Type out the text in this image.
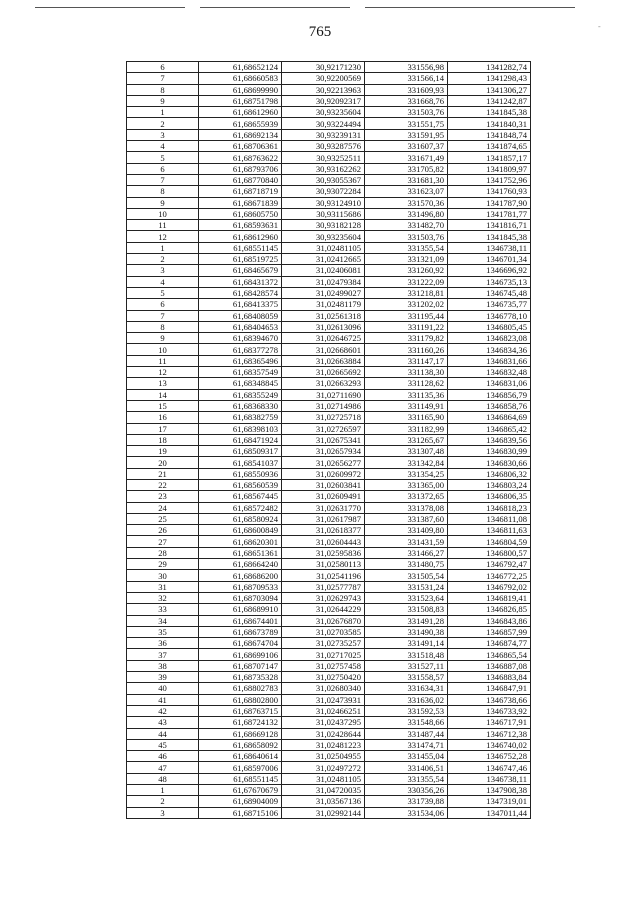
765	-
6	61,68652124	30,92171230	331556,98	1341282,74
7	61,68660583	30,92200569	331566,14	1341298,43
8	61,68699990	30,92213963	331609,93	1341306,27
9	61,68751798	30,92092317	331668,76	1341242,87
1	61,68612960	30,93235604	331503,76	1341845,38
2	61,68655939	30,93224494	331551,75	1341840,31
3	61,68692134	30,93239131	331591,95	1341848,74
4	61,68706361	30,93287576	331607,37	1341874,65
5	61,68763622	30,93252511	331671,49	1341857,17
6	61,68793706	30,93162262	331705,82	1341809,97
7	61,68770840	30,93055367	331681,30	1341752,96
8	61,68718719	30,93072284	331623,07	1341760,93
9	61,68671839	30,93124910	331570,36	1341787,90
10	61,68605750	30,93115686	331496,80	1341781,77
11	61,68593631	30,93182128	331482,70	1341816,71
12	61,68612960	30,93235604	331503,76	1341845,38
1	61,68551145	31,02481105	331355,54	1346738,11
2	61,68519725	31,02412665	331321,09	1346701,34
3	61,68465679	31,02406081	331260,92	1346696,92
4	61,68431372	31,02479384	331222,09	1346735,13
5	61,68428574	31,02499027	331218,81	1346745,48
6	61,68413375	31,02481179	331202,02	1346735,77
7	61,68408059	31,02561318	331195,44	1346778,10
8	61,68404653	31,02613096	331191,22	1346805,45
9	61,68394670	31,02646725	331179,82	1346823,08
10	61,68377278	31,02668601	331160,26	1346834,36
11	61,68365496	31,02663884	331147,17	1346831,66
12	61,68357549	31,02665692	331138,30	1346832,48
13	61,68348845	31,02663293	331128,62	1346831,06
14	61,68355249	31,02711690	331135,36	1346856,79
15	61,68368330	31,02714986	331149,91	1346858,76
16	61,68382759	31,02725718	331165,90	1346864,69
17	61,68398103	31,02726597	331182,99	1346865,42
18	61,68471924	31,02675341	331265,67	1346839,56
19	61,68509317	31,02657934	331307,48	1346830,99
20	61,68541037	31,02656277	331342,84	1346830,66
21	61,68550936	31,02609972	331354,25	1346806,32
22	61,68560539	31,02603841	331365,00	1346803,24
23	61,68567445	31,02609491	331372,65	1346806,35
24	61,68572482	31,02631770	331378,08	1346818,23
25	61,68580924	31,02617987	331387,60	1346811,08
26	61,68600849	31,02618377	331409,80	1346811,63
27	61,68620301	31,02604443	331431,59	1346804,59
28	61,68651361	31,02595836	331466,27	1346800,57
29	61,68664240	31,02580113	331480,75	1346792,47
30	61,68686200	31,02541196	331505,54	1346772,25
31	61,68709533	31,02577787	331531,24	1346792,02
32	61,68703094	31,02629743	331523,64	1346819,41
33	61,68689910	31,02644229	331508,83	1346826,85
34	61,68674401	31,02676870	331491,28	1346843,86
35	61,68673789	31,02703585	331490,38	1346857,99
36	61,68674704	31,02735257	331491,14	1346874,77
37	61,68699106	31,02717025	331518,48	1346865,54
38	61,68707147	31,02757458	331527,11	1346887,08
39	61,68735328	31,02750420	331558,57	1346883,84
40	61,68802783	31,02680340	331634,31	1346847,91
41	61,68802800	31,02473931	331636,02	1346738,66
42	61,68763715	31,02466251	331592,53	1346733,92
43	61,68724132	31,02437295	331548,66	1346717,91
44	61,68669128	31,02428644	331487,44	1346712,38
45	61,68658092	31,02481223	331474,71	1346740,02
46	61,68640614	31,02504955	331455,04	1346752,28
47	61,68597006	31,02497272	331406,51	1346747,46
48	61,68551145	31,02481105	331355,54	1346738,11
1	61,67670679	31,04720035	330356,26	1347908,38
2	61,68904009	31,03567136	331739,88	1347319,01
3	61,68715106	31,02992144	331534,06	1347011,44
